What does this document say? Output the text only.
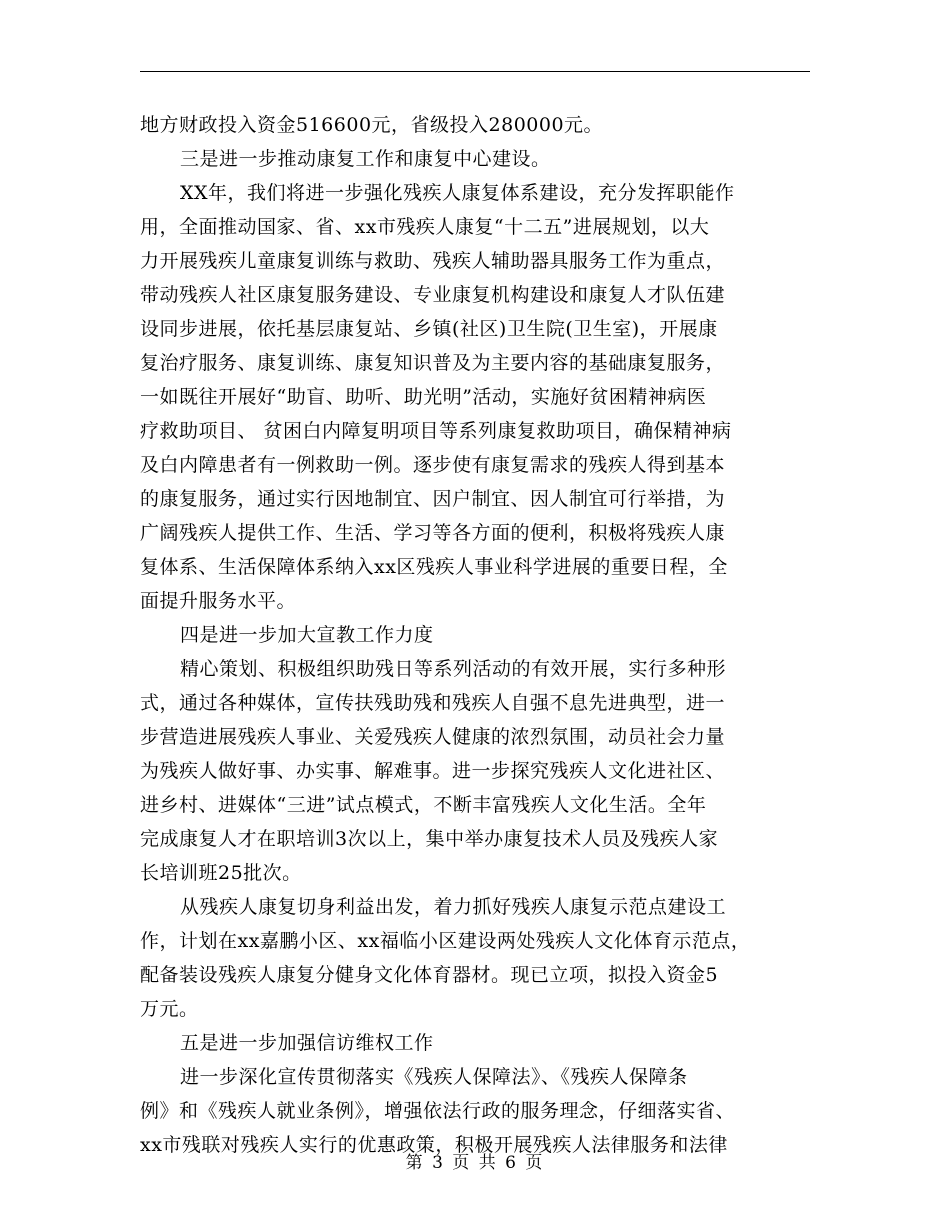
地方财政投入资金516600元，省级投入280000元。
三是进一步推动康复工作和康复中心建设。
XX年，我们将进一步强化残疾人康复体系建设，充分发挥职能作
用，全面推动国家、省、xx市残疾人康复“十二五”进展规划，以大
力开展残疾儿童康复训练与救助、残疾人辅助器具服务工作为重点，
带动残疾人社区康复服务建设、专业康复机构建设和康复人才队伍建
设同步进展，依托基层康复站、乡镇(社区)卫生院(卫生室)，开展康
复治疗服务、康复训练、康复知识普及为主要内容的基础康复服务，
一如既往开展好“助盲、助听、助光明”活动，实施好贫困精神病医
疗救助项目、 贫困白内障复明项目等系列康复救助项目，确保精神病
及白内障患者有一例救助一例。逐步使有康复需求的残疾人得到基本
的康复服务，通过实行因地制宜、因户制宜、因人制宜可行举措，为
广阔残疾人提供工作、生活、学习等各方面的便利，积极将残疾人康
复体系、生活保障体系纳入xx区残疾人事业科学进展的重要日程，全
面提升服务水平。
四是进一步加大宣教工作力度
精心策划、积极组织助残日等系列活动的有效开展，实行多种形
式，通过各种媒体，宣传扶残助残和残疾人自强不息先进典型，进一
步营造进展残疾人事业、关爱残疾人健康的浓烈氛围，动员社会力量
为残疾人做好事、办实事、解难事。进一步探究残疾人文化进社区、
进乡村、进媒体“三进”试点模式，不断丰富残疾人文化生活。全年
完成康复人才在职培训3次以上，集中举办康复技术人员及残疾人家
长培训班25批次。
从残疾人康复切身利益出发，着力抓好残疾人康复示范点建设工
作，计划在xx嘉鹏小区、xx福临小区建设两处残疾人文化体育示范点，
配备装设残疾人康复分健身文化体育器材。现已立项，拟投入资金5
万元。
五是进一步加强信访维权工作
进一步深化宣传贯彻落实《残疾人保障法》、《残疾人保障条
例》和《残疾人就业条例》，增强依法行政的服务理念，仔细落实省、
xx市残联对残疾人实行的优惠政策，积极开展残疾人法律服务和法律
第 3 页 共 6 页
